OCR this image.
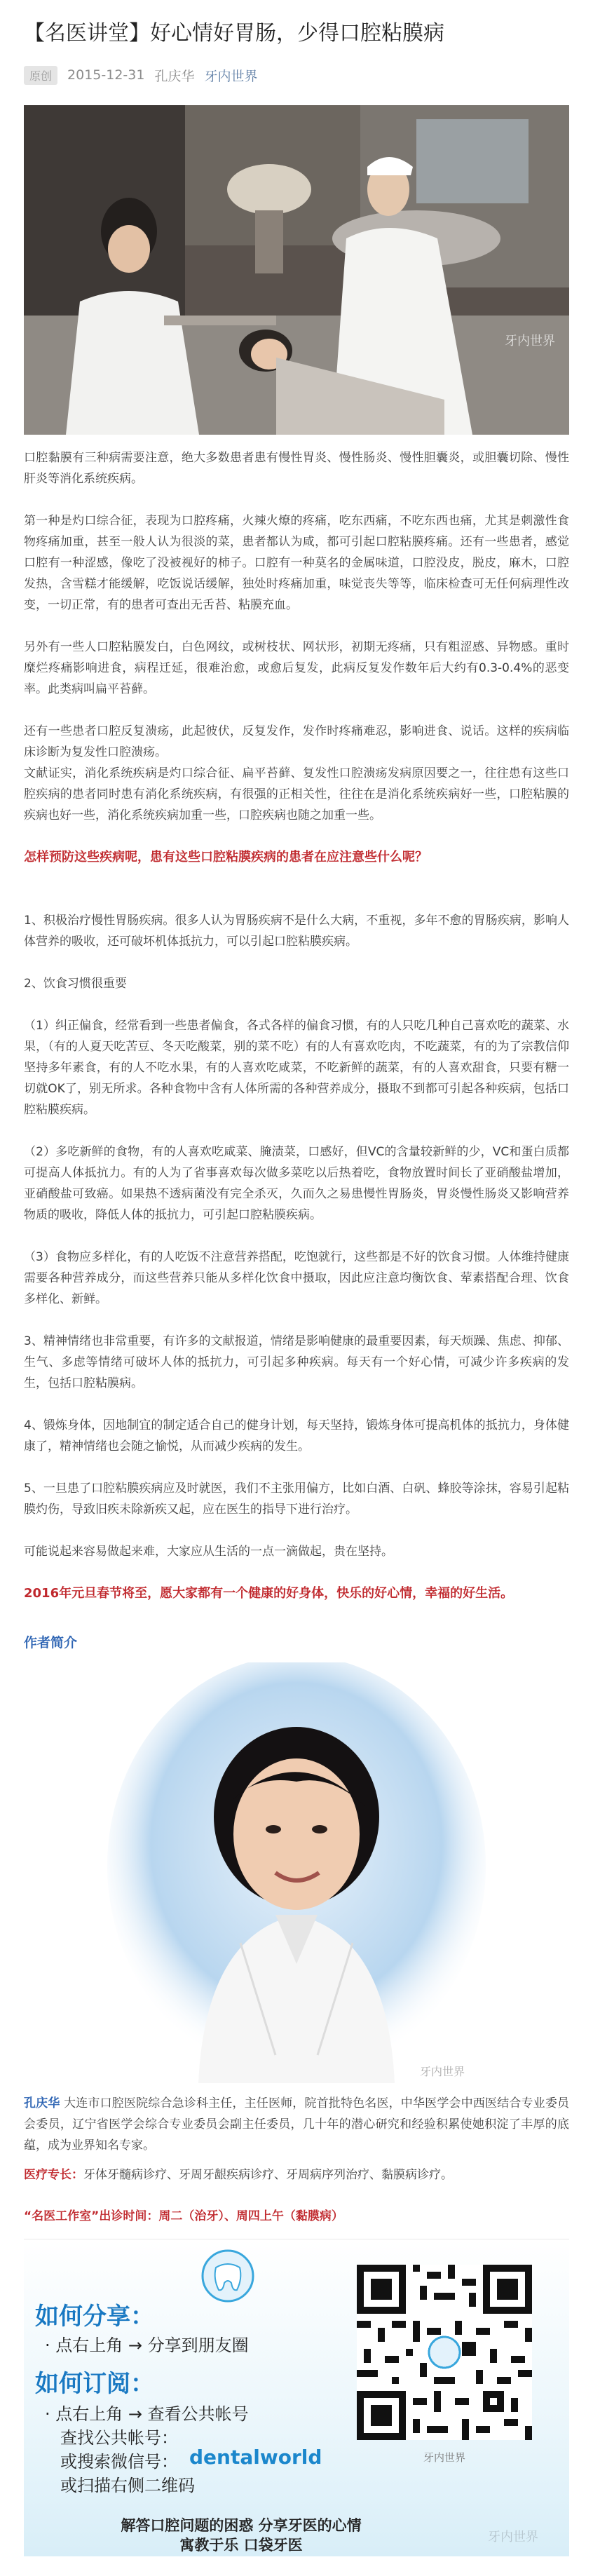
【名医讲堂】好心情好胃肠，少得口腔粘膜病
原创	2015-12-31 孔庆华 牙内世界
牙内世界

口腔黏膜有三种病需要注意，绝大多数患者患有慢性胃炎、慢性肠炎、慢性胆囊炎，或胆囊切除、慢性肝炎等消化系统疾病。

第一种是灼口综合征，表现为口腔疼痛，火辣火燎的疼痛，吃东西痛，不吃东西也痛，尤其是刺激性食物疼痛加重，甚至一般人认为很淡的菜，患者都认为咸，都可引起口腔粘膜疼痛。还有一些患者，感觉口腔有一种涩感，像吃了没被视好的柿子。口腔有一种莫名的金属味道，口腔没皮，脱皮，麻木，口腔发热，含雪糕才能缓解，吃饭说话缓解，独处时疼痛加重，味觉丧失等等，临床检查可无任何病理性改变，一切正常，有的患者可查出无舌苔、粘膜充血。

另外有一些人口腔粘膜发白，白色网纹，或树枝状、网状形，初期无疼痛，只有粗涩感、异物感。重时糜烂疼痛影响进食，病程迁延，很难治愈，或愈后复发，此病反复发作数年后大约有0.3-0.4%的恶变率。此类病叫扁平苔藓。

还有一些患者口腔反复溃疡，此起彼伏，反复发作，发作时疼痛难忍，影响进食、说话。这样的疾病临床诊断为复发性口腔溃疡。

文献证实，消化系统疾病是灼口综合征、扁平苔藓、复发性口腔溃疡发病原因要之一，往往患有这些口腔疾病的患者同时患有消化系统疾病，有很强的正相关性，往往在是消化系统疾病好一些，口腔粘膜的疾病也好一些，消化系统疾病加重一些，口腔疾病也随之加重一些。

怎样预防这些疾病呢，患有这些口腔粘膜疾病的患者在应注意些什么呢？

1、积极治疗慢性胃肠疾病。很多人认为胃肠疾病不是什么大病，不重视，多年不愈的胃肠疾病，影响人体营养的吸收，还可破坏机体抵抗力，可以引起口腔粘膜疾病。

2、饮食习惯很重要

（1）纠正偏食，经常看到一些患者偏食，各式各样的偏食习惯，有的人只吃几种自己喜欢吃的蔬菜、水果，（有的人夏天吃苦豆、冬天吃酸菜，别的菜不吃）有的人有喜欢吃肉，不吃蔬菜，有的为了宗教信仰坚持多年素食，有的人不吃水果，有的人喜欢吃咸菜，不吃新鲜的蔬菜，有的人喜欢甜食，只要有糖一切就OK了，别无所求。各种食物中含有人体所需的各种营养成分，摄取不到都可引起各种疾病，包括口腔粘膜疾病。

（2）多吃新鲜的食物，有的人喜欢吃咸菜、腌渍菜，口感好，但VC的含量较新鲜的少，VC和蛋白质都可提高人体抵抗力。有的人为了省事喜欢每次做多菜吃以后热着吃，食物放置时间长了亚硝酸盐增加，亚硝酸盐可致癌。如果热不透病菌没有完全杀灭，久而久之易患慢性胃肠炎，胃炎慢性肠炎又影响营养物质的吸收，降低人体的抵抗力，可引起口腔粘膜疾病。

（3）食物应多样化，有的人吃饭不注意营养搭配，吃饱就行，这些都是不好的饮食习惯。人体维持健康需要各种营养成分，而这些营养只能从多样化饮食中摄取，因此应注意均衡饮食、荤素搭配合理、饮食多样化、新鲜。

3、精神情绪也非常重要，有许多的文献报道，情绪是影响健康的最重要因素，每天烦躁、焦虑、抑郁、生气、多虑等情绪可破坏人体的抵抗力，可引起多种疾病。每天有一个好心情，可减少许多疾病的发生，包括口腔粘膜病。

4、锻炼身体，因地制宜的制定适合自己的健身计划，每天坚持，锻炼身体可提高机体的抵抗力，身体健康了，精神情绪也会随之愉悦，从而减少疾病的发生。

5、一旦患了口腔粘膜疾病应及时就医，我们不主张用偏方，比如白酒、白矾、蜂胶等涂抹，容易引起粘膜灼伤，导致旧疾未除新疾又起，应在医生的指导下进行治疗。

可能说起来容易做起来难，大家应从生活的一点一滴做起，贵在坚持。

2016年元旦春节将至，愿大家都有一个健康的好身体，快乐的好心情，幸福的好生活。

作者简介

牙内世界

孔庆华 大连市口腔医院综合急诊科主任，主任医师，院首批特色名医，中华医学会中西医结合专业委员会委员，辽宁省医学会综合专业委员会副主任委员，几十年的潜心研究和经验积累使她积淀了丰厚的底蕴，成为业界知名专家。

医疗专长：牙体牙髓病诊疗、牙周牙龈疾病诊疗、牙周病序列治疗、黏膜病诊疗。

“名医工作室”出诊时间：周二（治牙）、周四上午（黏膜病）

如何分享：
· 点右上角 → 分享到朋友圈
如何订阅：
· 点右上角 → 查看公共帐号
查找公共帐号：
或搜索微信号： dentalworld
或扫描右侧二维码
牙内世界
解答口腔问题的困惑 分享牙医的心情
寓教于乐 口袋牙医	牙内世界
